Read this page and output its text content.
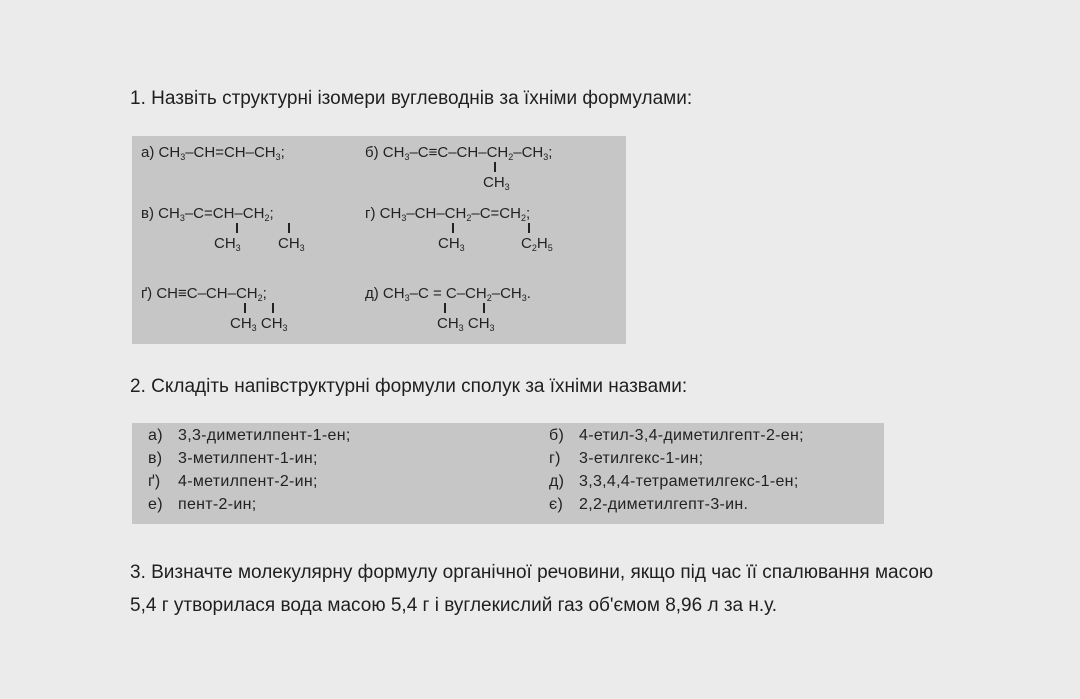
1. Назвіть структурні ізомери вуглеводнів за їхніми формулами:
а) $CH_3-CH=CH-CH_3$;	б) $CH_3-C\equiv C-CH-CH_2-CH_3$;
$CH_3$
в) $CH_3-C=CH-CH_2$;
$CH_3$ $CH_3$
г) $CH_3-CH-CH_2-C=CH_2$;
$CH_3$	$C_2H_5$
ґ) $CH\equiv C-CH-CH_2$;
$CH_3$ $CH_3$
д) $CH_3-C = C-CH_2-CH_3$.
$CH_3$ $CH_3$
2. Складіть напівструктурні формули сполук за їхніми назвами:
а) 3,3-диметилпент-1-ен;
в) 3-метилпент-1-ин;
ґ) 4-метилпент-2-ин;
е) пент-2-ин;
б) 4-етил-3,4-диметилгепт-2-ен;
г) 3-етилгекс-1-ин;
д) 3,3,4,4-тетраметилгекс-1-ен;
є) 2,2-диметилгепт-3-ин.
3. Визначте молекулярну формулу органічної речовини, якщо під час її спалювання масою
5,4 г утворилася вода масою 5,4 г і вуглекислий газ об'ємом 8,96 л за н.у.
